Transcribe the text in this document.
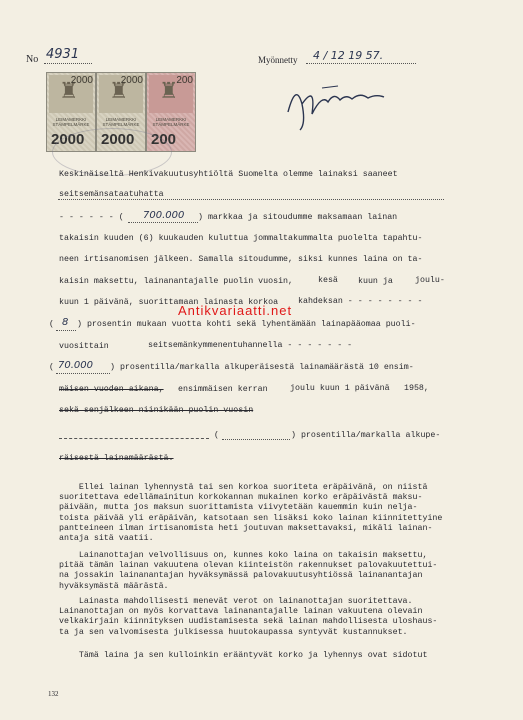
No 4931	Myönnetty 4 / 12 19 57.
♜
2000
LEIMAMERKKI STÄMPELMÄRKE
2000
♜
2000
LEIMAMERKKI STÄMPELMÄRKE
2000
♜
200
LEIMAMERKKI STÄMPELMÄRKE
200
Antikvariaatti.net
Keskinäiseltä Henkivakuutusyhtiöltä Suomelta olemme lainaksi saaneet
seitsemänsataatuhatta
- - - - - - ( 700.000 ) markkaa ja sitoudumme maksamaan lainan
takaisin kuuden (6) kuukauden kuluttua jommaltakummalta puolelta tapahtu-
neen irtisanomisen jälkeen. Samalla sitoudumme, siksi kunnes laina on ta-
kaisin maksettu, lainanantajalle puolin vuosin,	kesä kuun ja	joulu-
kuun 1 päivänä, suorittamaan lainasta korkoa kahdeksan - - - - - - - -
( 8 ) prosentin mukaan vuotta kohti sekä lyhentämään lainapääomaa puoli-
vuosittain	seitsemänkymmenentuhannella - - - - - - -
( 70.000 ) prosentilla/markalla alkuperäisestä lainamäärästä 10 ensim-
mäisen vuoden aikana, ensimmäisen kerran	joulu kuun 1 päivänä 1958,
sekä senjälkeen niinikään puolin vuosin
(	) prosentilla/markalla alkupe-
räisestä lainamäärästä.
Ellei lainan lyhennystä tai sen korkoa suoriteta eräpäivänä, on niistä
suoritettava edellämainitun korkokannan mukainen korko eräpäivästä maksu-
päivään, mutta jos maksun suorittamista viivytetään kauemmin kuin nelja-
toista päivää yli eräpäivän, katsotaan sen lisäksi koko lainan kiinnitettyine
pantteineen ilman irtisanomista heti joutuvan maksettavaksi, mikäli lainan-
antaja sitä vaatii.
Lainanottajan velvollisuus on, kunnes koko laina on takaisin maksettu,
pitää tämän lainan vakuutena olevan kiinteistön rakennukset palovakuutettui-
na jossakin lainanantajan hyväksymässä palovakuutusyhtiössä lainanantajan
hyväksymästä määrästä.
Lainasta mahdollisesti menevät verot on lainanottajan suoritettava.
Lainanottajan on myös korvattava lainanantajalle lainan vakuutena olevain
velkakirjain kiinnityksen uudistamisesta sekä lainan mahdollisesta uloshaus-
ta ja sen valvomisesta julkisessa huutokaupassa syntyvät kustannukset.
Tämä laina ja sen kulloinkin erääntyvät korko ja lyhennys ovat sidotut
132
